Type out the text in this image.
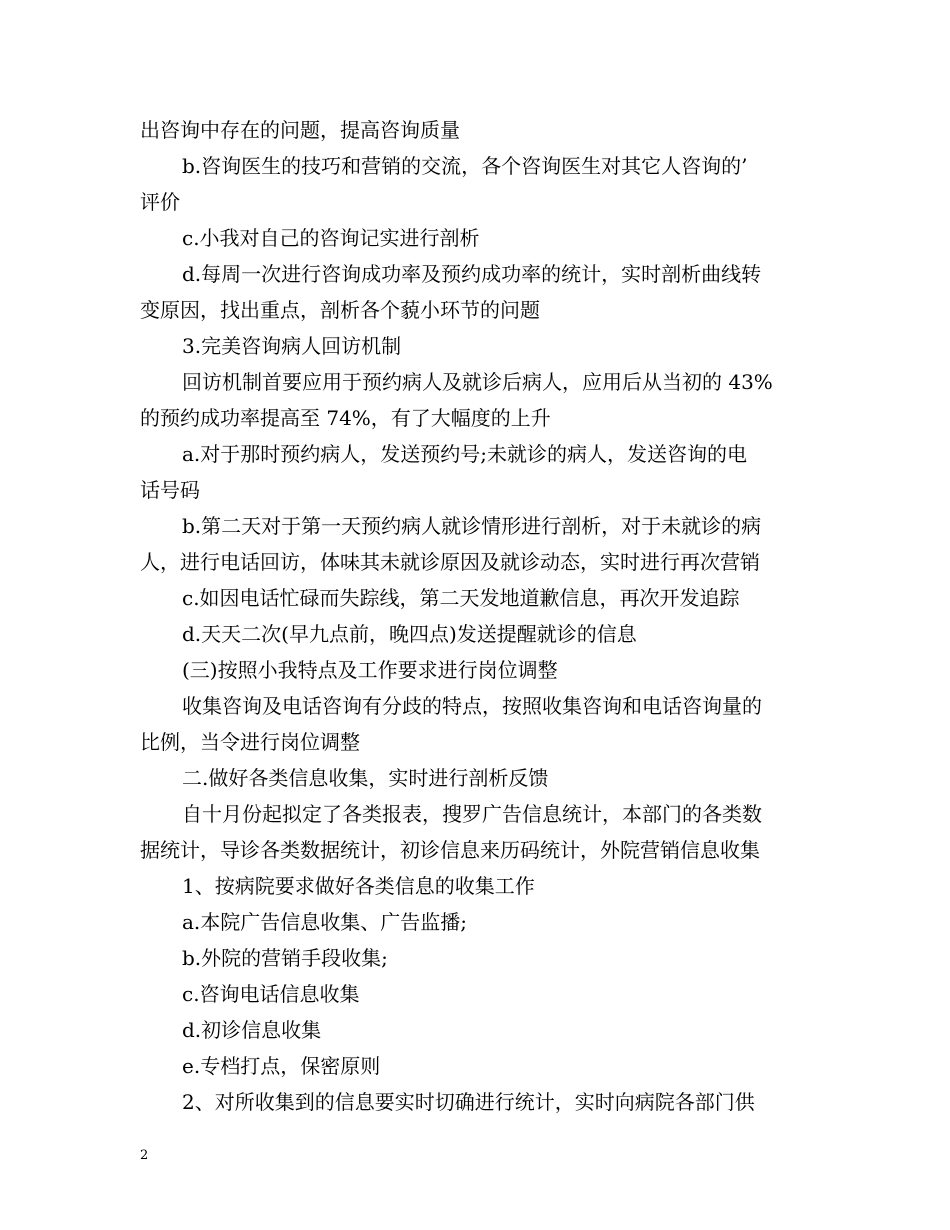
出咨询中存在的问题，提高咨询质量
b.咨询医生的技巧和营销的交流，各个咨询医生对其它人咨询的’
评价
c.小我对自己的咨询记实进行剖析
d.每周一次进行咨询成功率及预约成功率的统计，实时剖析曲线转
变原因，找出重点，剖析各个藐小环节的问题
3.完美咨询病人回访机制
回访机制首要应用于预约病人及就诊后病人，应用后从当初的 43%
的预约成功率提高至 74%，有了大幅度的上升
a.对于那时预约病人，发送预约号;未就诊的病人，发送咨询的电
话号码
b.第二天对于第一天预约病人就诊情形进行剖析，对于未就诊的病
人，进行电话回访，体味其未就诊原因及就诊动态，实时进行再次营销
c.如因电话忙碌而失踪线，第二天发地道歉信息，再次开发追踪
d.天天二次(早九点前，晚四点)发送提醒就诊的信息
(三)按照小我特点及工作要求进行岗位调整
收集咨询及电话咨询有分歧的特点，按照收集咨询和电话咨询量的
比例，当令进行岗位调整
二.做好各类信息收集，实时进行剖析反馈
自十月份起拟定了各类报表，搜罗广告信息统计，本部门的各类数
据统计，导诊各类数据统计，初诊信息来历码统计，外院营销信息收集
1、按病院要求做好各类信息的收集工作
a.本院广告信息收集、广告监播;
b.外院的营销手段收集;
c.咨询电话信息收集
d.初诊信息收集
e.专档打点，保密原则
2、对所收集到的信息要实时切确进行统计，实时向病院各部门供
2
